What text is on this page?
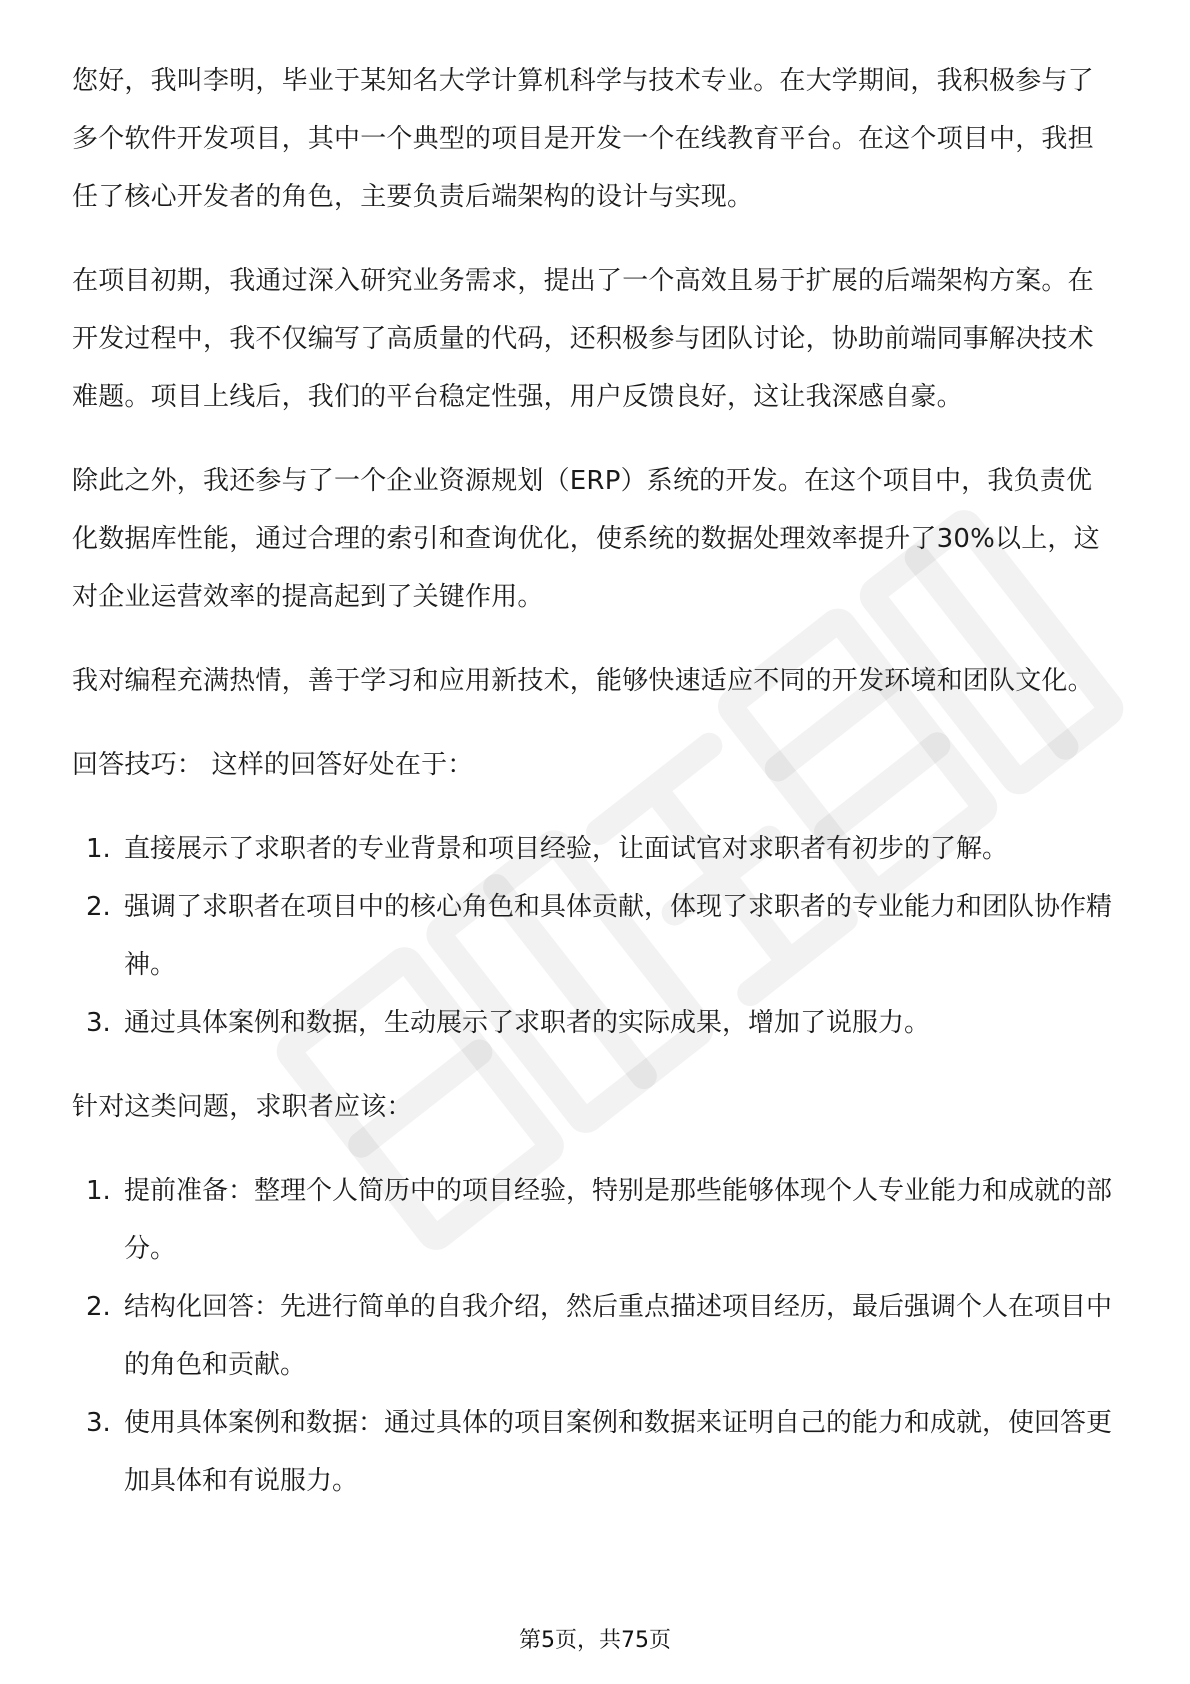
您好，我叫李明，毕业于某知名大学计算机科学与技术专业。在大学期间，我积极参与了多个软件开发项目，其中一个典型的项目是开发一个在线教育平台。在这个项目中，我担任了核心开发者的角色，主要负责后端架构的设计与实现。

在项目初期，我通过深入研究业务需求，提出了一个高效且易于扩展的后端架构方案。在开发过程中，我不仅编写了高质量的代码，还积极参与团队讨论，协助前端同事解决技术难题。项目上线后，我们的平台稳定性强，用户反馈良好，这让我深感自豪。

除此之外，我还参与了一个企业资源规划（ERP）系统的开发。在这个项目中，我负责优化数据库性能，通过合理的索引和查询优化，使系统的数据处理效率提升了30%以上，这对企业运营效率的提高起到了关键作用。

我对编程充满热情，善于学习和应用新技术，能够快速适应不同的开发环境和团队文化。

回答技巧： 这样的回答好处在于：

1. 直接展示了求职者的专业背景和项目经验，让面试官对求职者有初步的了解。
2. 强调了求职者在项目中的核心角色和具体贡献，体现了求职者的专业能力和团队协作精神。
3. 通过具体案例和数据，生动展示了求职者的实际成果，增加了说服力。

针对这类问题，求职者应该：

1. 提前准备：整理个人简历中的项目经验，特别是那些能够体现个人专业能力和成就的部分。
2. 结构化回答：先进行简单的自我介绍，然后重点描述项目经历，最后强调个人在项目中的角色和贡献。
3. 使用具体案例和数据：通过具体的项目案例和数据来证明自己的能力和成就，使回答更加具体和有说服力。
第5页，共75页
